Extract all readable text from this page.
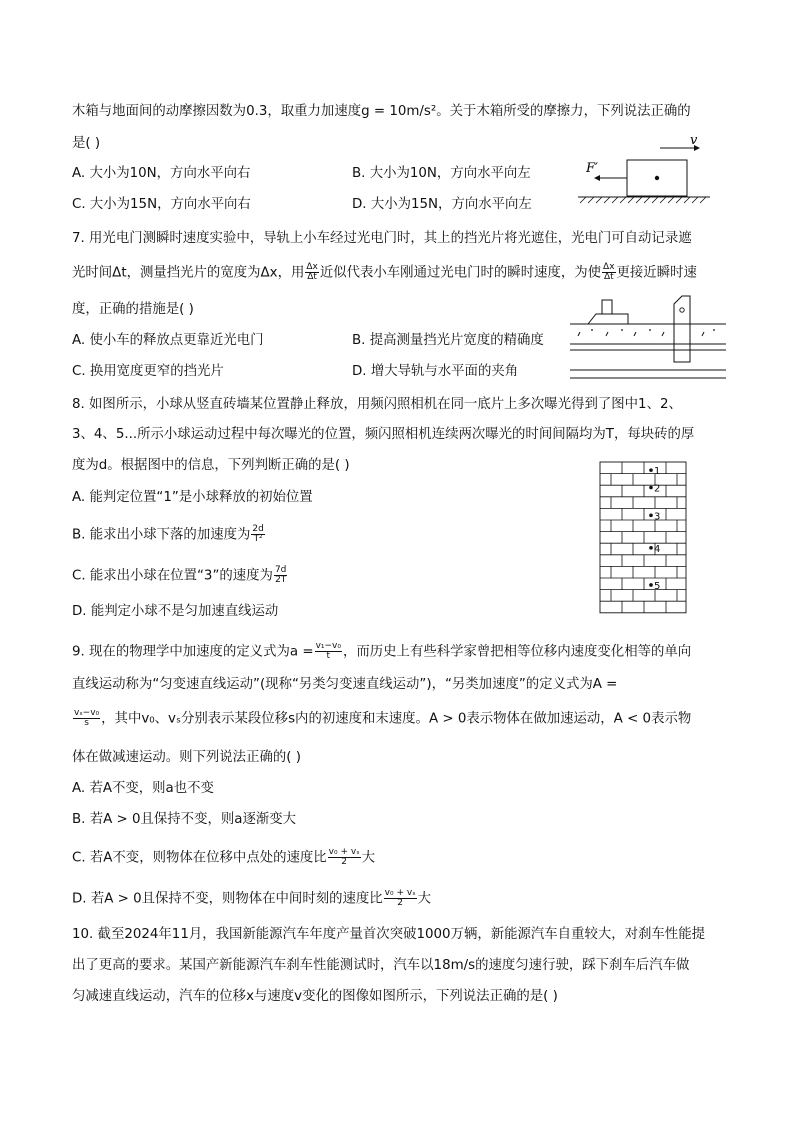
木箱与地面间的动摩擦因数为0.3，取重力加速度g = 10m/s²。关于木箱所受的摩擦力，下列说法正确的
是( )
A. 大小为10N，方向水平向右	B. 大小为10N，方向水平向左
C. 大小为15N，方向水平向右	D. 大小为15N，方向水平向左
v
F′
7. 用光电门测瞬时速度实验中，导轨上小车经过光电门时，其上的挡光片将光遮住，光电门可自动记录遮
光时间Δt，测量挡光片的宽度为Δx，用 $\frac{\Delta x}{\Delta t}$ 近似代表小车刚通过光电门时的瞬时速度，为使 $\frac{\Delta x}{\Delta t}$ 更接近瞬时速
度，正确的措施是( )
A. 使小车的释放点更靠近光电门	B. 提高测量挡光片宽度的精确度
C. 换用宽度更窄的挡光片	D. 增大导轨与水平面的夹角
8. 如图所示，小球从竖直砖墙某位置静止释放，用频闪照相机在同一底片上多次曝光得到了图中1、2、
3、4、5...所示小球运动过程中每次曝光的位置，频闪照相机连续两次曝光的时间间隔均为T，每块砖的厚
度为d。根据图中的信息，下列判断正确的是( )
A. 能判定位置“1”是小球释放的初始位置
B. 能求出小球下落的加速度为 $\frac{2d}{\text{T²}}$
C. 能求出小球在位置“3”的速度为 $\frac{7d}{2T}$
D. 能判定小球不是匀加速直线运动
1
2
3
4
5
9. 现在的物理学中加速度的定义式为$a = \frac{\text{v₁−v₀}}{t}$ ，而历史上有些科学家曾把相等位移内速度变化相等的单向
直线运动称为“匀变速直线运动”(现称“另类匀变速直线运动”)，“另类加速度”的定义式为A =
$\frac{\text{vₛ−v₀}}{s}$ ，其中v₀、vₛ分别表示某段位移s内的初速度和末速度。A > 0表示物体在做加速运动，A < 0表示物
体在做减速运动。则下列说法正确的( )
A. 若A不变，则a也不变
B. 若A > 0且保持不变，则a逐渐变大
C. 若A不变，则物体在位移中点处的速度比 $\frac{\text{v₀ + vₛ}}{2}$ 大
D. 若A > 0且保持不变，则物体在中间时刻的速度比 $\frac{\text{v₀ + vₛ}}{2}$ 大
10. 截至2024年11月，我国新能源汽车年度产量首次突破1000万辆，新能源汽车自重较大，对刹车性能提
出了更高的要求。某国产新能源汽车刹车性能测试时，汽车以18m/s的速度匀速行驶，踩下刹车后汽车做
匀减速直线运动，汽车的位移x与速度v变化的图像如图所示，下列说法正确的是( )
